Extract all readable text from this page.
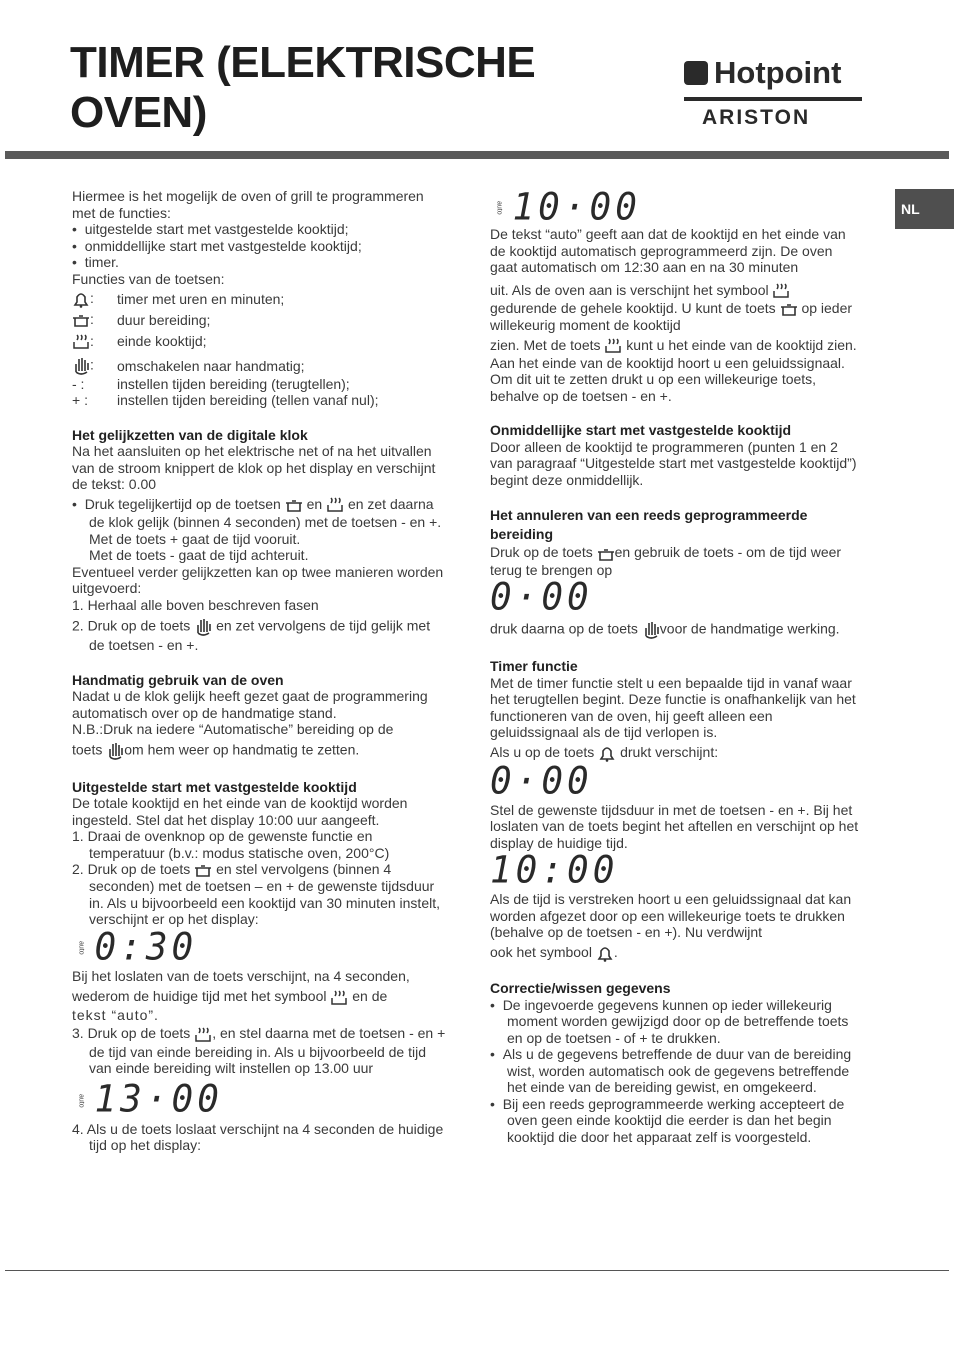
TIMER (ELEKTRISCHE OVEN)
Hotpoint
ARISTON
NL

Hiermee is het mogelijk de oven of grill te programmeren met de functies:

•  uitgestelde start met vastgestelde kooktijd;

•  onmiddellijke start met vastgestelde kooktijd;

•  timer.

Functies van de toetsen:

:	timer met uren en minuten;
:	duur bereiding;
:	einde kooktijd;
:	omschakelen naar handmatig;
- :	instellen tijden bereiding (terugtellen);
+ :	instellen tijden bereiding (tellen vanaf nul);

Het gelijkzetten van de digitale klok

Na het aansluiten op het elektrische net of na het uitvallen van de stroom knippert de klok op het display en verschijnt de tekst: 0.00

•  Druk tegelijkertijd op de toetsen en en zet daarna de klok gelijk (binnen 4 seconden) met de toetsen - en +.

Met de toets + gaat de tijd vooruit.

Met de toets - gaat de tijd achteruit.

Eventueel verder gelijkzetten kan op twee manieren worden uitgevoerd:

1. Herhaal alle boven beschreven fasen

2. Druk op de toets en zet vervolgens de tijd gelijk met de toetsen - en +.

Handmatig gebruik van de oven

Nadat u de klok gelijk heeft gezet gaat de programmering automatisch over op de handmatige stand.

N.B.:Druk na iedere “Automatische” bereiding op de

toets om hem weer op handmatig te zetten.

Uitgestelde start met vastgestelde kooktijd

De totale kooktijd en het einde van de kooktijd worden ingesteld. Stel dat het display 10:00 uur aangeeft.

1. Draai de ovenknop op de gewenste functie en temperatuur (b.v.: modus statische oven, 200°C)

2. Druk op de toets en stel vervolgens (binnen 4 seconden) met de toetsen – en + de gewenste tijdsduur in. Als u bijvoorbeeld een kooktijd van 30 minuten instelt, verschijnt er op het display:

auto 0:30

Bij het loslaten van de toets verschijnt, na 4 seconden,

wederom de huidige tijd met het symbool en de

tekst “auto”.

3. Druk op de toets , en stel daarna met de toetsen - en + de tijd van einde bereiding in. Als u bijvoorbeeld de tijd van einde bereiding wilt instellen op 13.00 uur

auto 13·00

4. Als u de toets loslaat verschijnt na 4 seconden de huidige tijd op het display:

auto 10·00

De tekst “auto” geeft aan dat de kooktijd en het einde van de kooktijd automatisch geprogrammeerd zijn. De oven gaat automatisch om 12:30 aan en na 30 minuten

uit. Als de oven aan is verschijnt het symbool

gedurende de gehele kooktijd. U kunt de toets op ieder willekeurig moment de kooktijd

zien. Met de toets kunt u het einde van de kooktijd zien.

Aan het einde van de kooktijd hoort u een geluidssignaal. Om dit uit te zetten drukt u op een willekeurige toets, behalve op de toetsen - en +.

Onmiddellijke start met vastgestelde kooktijd

Door alleen de kooktijd te programmeren (punten 1 en 2 van paragraaf “Uitgestelde start met vastgestelde kooktijd”) begint deze onmiddellijk.

Het annuleren van een reeds geprogrammeerde bereiding

Druk op de toets en gebruik de toets - om de tijd weer terug te brengen op

0·00

druk daarna op de toets voor de handmatige werking.

Timer functie

Met de timer functie stelt u een bepaalde tijd in vanaf waar het terugtellen begint. Deze functie is onafhankelijk van het functioneren van de oven, hij geeft alleen een geluidssignaal als de tijd verlopen is.

Als u op de toets drukt verschijnt:

0·00

Stel de gewenste tijdsduur in met de toetsen - en +. Bij het loslaten van de toets begint het aftellen en verschijnt op het display de huidige tijd.

10:00

Als de tijd is verstreken hoort u een geluidssignaal dat kan worden afgezet door op een willekeurige toets te drukken (behalve op de toetsen - en +). Nu verdwijnt

ook het symbool .

Correctie/wissen gegevens

•  De ingevoerde gegevens kunnen op ieder willekeurig moment worden gewijzigd door op de betreffende toets en op de toetsen - of + te drukken.

•  Als u de gegevens betreffende de duur van de bereiding wist, worden automatisch ook de gegevens betreffende het einde van de bereiding gewist, en omgekeerd.

•  Bij een reeds geprogrammeerde werking accepteert de oven geen einde kooktijd die eerder is dan het begin kooktijd die door het apparaat zelf is voorgesteld.
